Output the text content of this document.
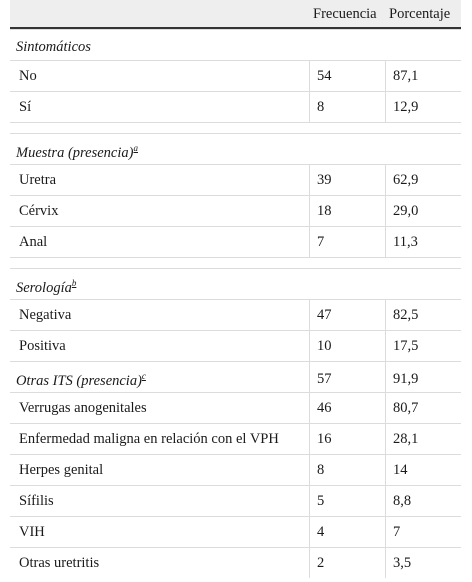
	Frecuencia	Porcentaje
Sintomáticos		
No	54	87,1
Sí	8	12,9

Muestra (presencia)$^a$
Uretra	39	62,9
Cérvix	18	29,0
Anal	7	11,3

Serología$^b$
Negativa	47	82,5
Positiva	10	17,5
Otras ITS (presencia)$^c$	57	91,9
Verrugas anogenitales	46	80,7
Enfermedad maligna en relación con el VPH	16	28,1
Herpes genital	8	14
Sífilis	5	8,8
VIH	4	7
Otras uretritis	2	3,5
